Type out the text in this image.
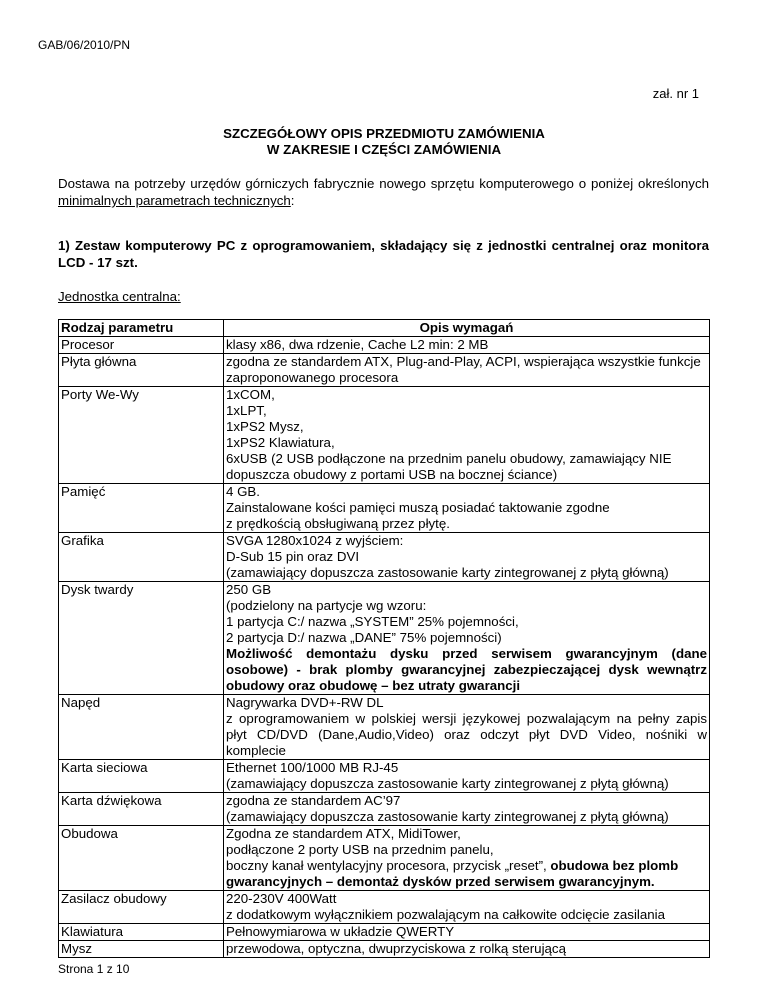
GAB/06/2010/PN
zał. nr 1
SZCZEGÓŁOWY OPIS PRZEDMIOTU ZAMÓWIENIA
W ZAKRESIE I CZĘŚCI ZAMÓWIENIA
Dostawa na potrzeby urzędów górniczych fabrycznie nowego sprzętu komputerowego o poniżej określonych minimalnych parametrach technicznych:
1) Zestaw komputerowy PC z oprogramowaniem, składający się z jednostki centralnej oraz monitora LCD - 17 szt.
Jednostka centralna:
Rodzaj parametru	Opis wymagań
Procesor	klasy x86, dwa rdzenie, Cache L2 min: 2 MB
Płyta główna	zgodna ze standardem ATX, Plug-and-Play, ACPI, wspierająca wszystkie funkcje zaproponowanego procesora
Porty We-Wy	1xCOM,
1xLPT,
1xPS2 Mysz,
1xPS2 Klawiatura,
6xUSB (2 USB podłączone na przednim panelu obudowy, zamawiający NIE dopuszcza obudowy z portami USB na bocznej ściance)

Pamięć	4 GB.
Zainstalowane kości pamięci muszą posiadać taktowanie zgodne
z prędkością obsługiwaną przez płytę.

Grafika	SVGA 1280x1024 z wyjściem:
D-Sub 15 pin oraz DVI
(zamawiający dopuszcza zastosowanie karty zintegrowanej z płytą główną)

Dysk twardy	250 GB
(podzielony na partycje wg wzoru:
1 partycja C:/ nazwa „SYSTEM” 25% pojemności,
2 partycja D:/ nazwa „DANE” 75% pojemności)
Możliwość demontażu dysku przed serwisem gwarancyjnym (dane osobowe) - brak plomby gwarancyjnej zabezpieczającej dysk wewnątrz obudowy oraz obudowę – bez utraty gwarancji

Napęd	Nagrywarka DVD+-RW DL
z oprogramowaniem w polskiej wersji językowej pozwalającym na pełny zapis płyt CD/DVD (Dane,Audio,Video) oraz odczyt płyt DVD Video, nośniki w komplecie

Karta sieciowa	Ethernet 100/1000 MB RJ-45
(zamawiający dopuszcza zastosowanie karty zintegrowanej z płytą główną)

Karta dźwiękowa	zgodna ze standardem AC’97
(zamawiający dopuszcza zastosowanie karty zintegrowanej z płytą główną)

Obudowa	Zgodna ze standardem ATX, MidiTower,
podłączone 2 porty USB na przednim panelu,
boczny kanał wentylacyjny procesora, przycisk „reset”, obudowa bez plomb gwarancyjnych – demontaż dysków przed serwisem gwarancyjnym.

Zasilacz obudowy	220-230V 400Watt
z dodatkowym wyłącznikiem pozwalającym na całkowite odcięcie zasilania

Klawiatura	Pełnowymiarowa w układzie QWERTY
Mysz	przewodowa, optyczna, dwuprzyciskowa z rolką sterującą
Strona 1 z 10
